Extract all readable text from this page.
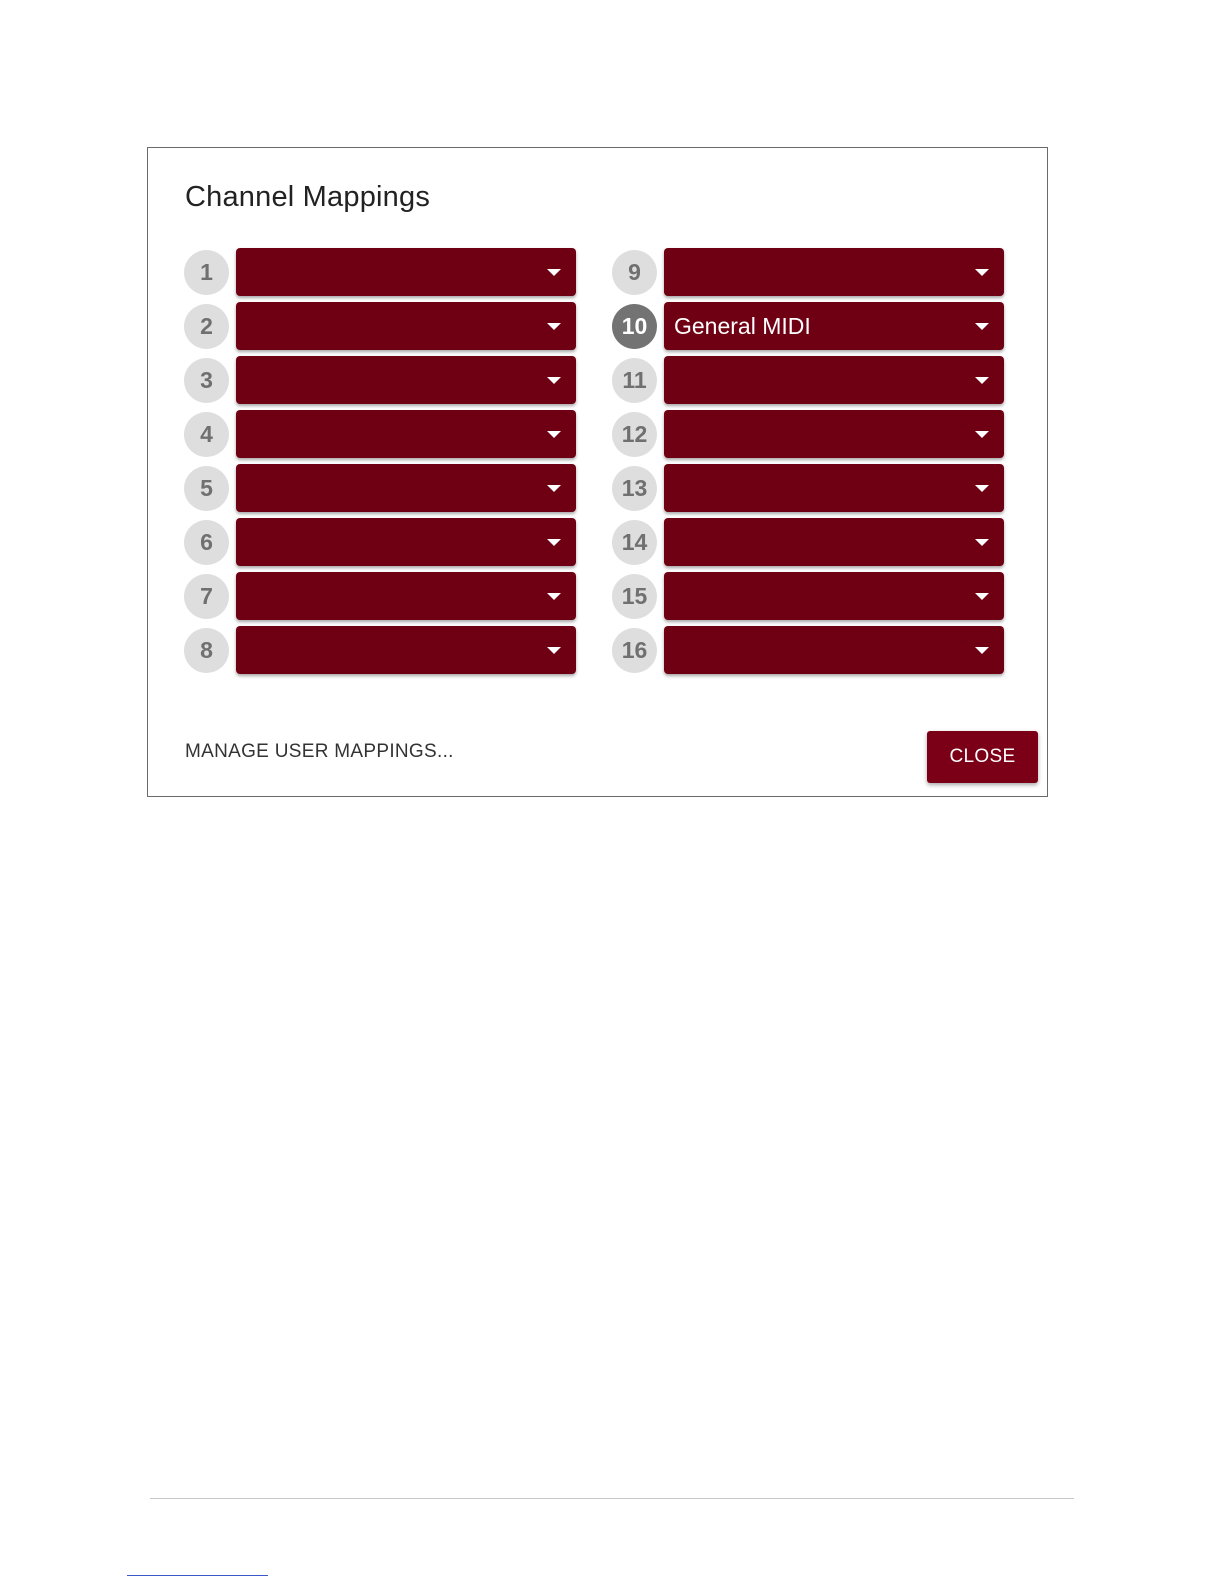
Channel Mappings
1
2
3
4
5
6
7
8
9
10	General MIDI
11
12
13
14
15
16
MANAGE USER MAPPINGS...	CLOSE
